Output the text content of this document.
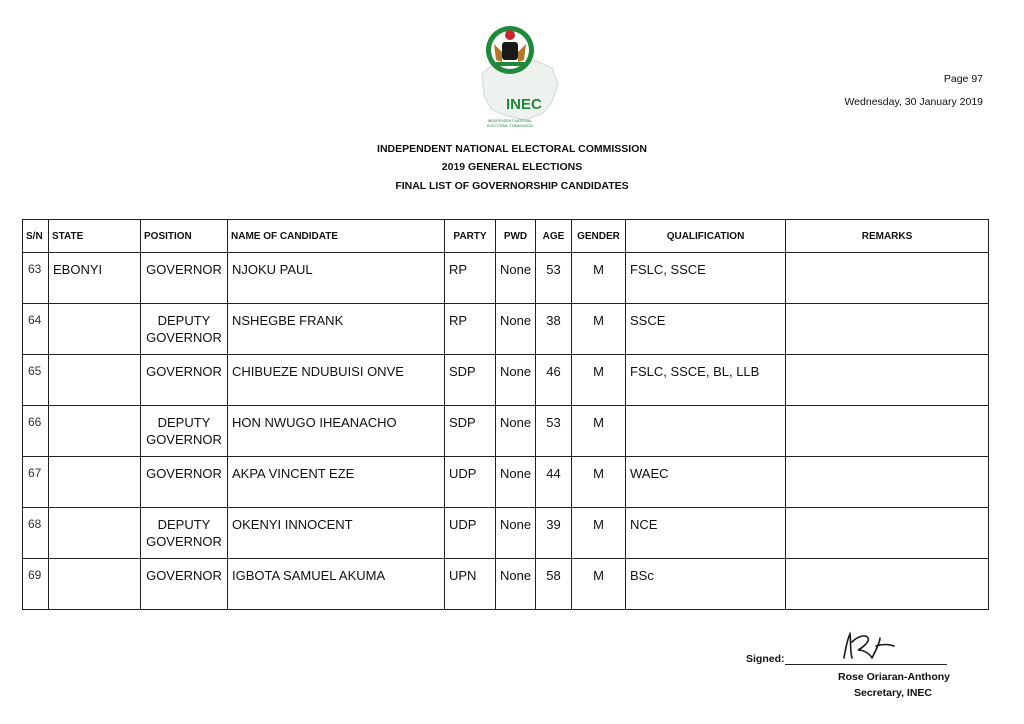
INEC
INDEPENDENT NATIONAL
ELECTORAL COMMISSION
Page 97
Wednesday, 30 January 2019
INDEPENDENT NATIONAL ELECTORAL COMMISSION
2019 GENERAL ELECTIONS
FINAL LIST OF GOVERNORSHIP CANDIDATES
S/N	STATE	POSITION	NAME OF CANDIDATE	PARTY	PWD	AGE	GENDER	QUALIFICATION	REMARKS
63	EBONYI	GOVERNOR	NJOKU PAUL	RP	None	53	M	FSLC, SSCE	
64		DEPUTY GOVERNOR	NSHEGBE FRANK	RP	None	38	M	SSCE	
65		GOVERNOR	CHIBUEZE NDUBUISI ONVE	SDP	None	46	M	FSLC, SSCE, BL, LLB	
66		DEPUTY GOVERNOR	HON NWUGO IHEANACHO	SDP	None	53	M		
67		GOVERNOR	AKPA VINCENT EZE	UDP	None	44	M	WAEC	
68		DEPUTY GOVERNOR	OKENYI INNOCENT	UDP	None	39	M	NCE	
69		GOVERNOR	IGBOTA SAMUEL AKUMA	UPN	None	58	M	BSc	
Signed:
Rose Oriaran-Anthony
Secretary, INEC
